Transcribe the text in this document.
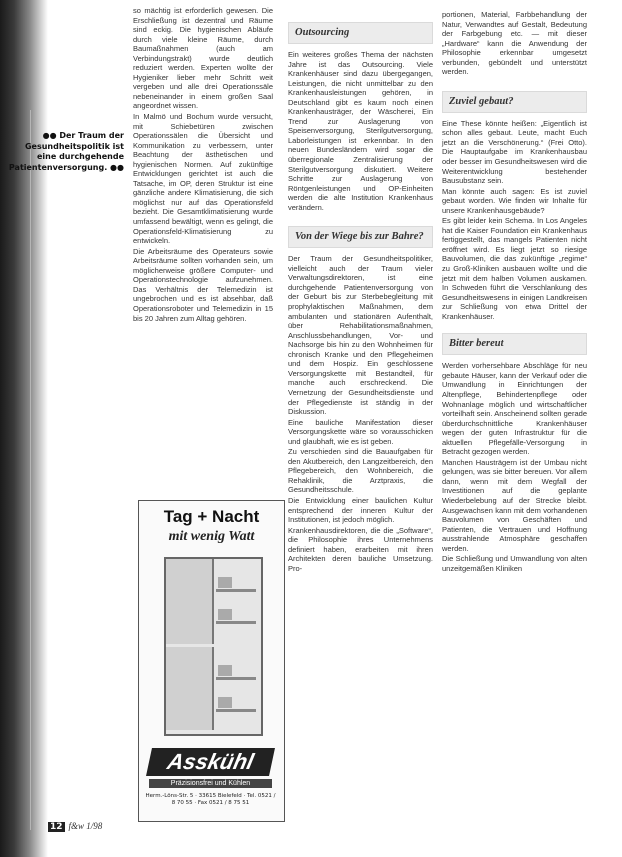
●● Der Traum der Gesundheitspolitik ist eine durchgehende Patientenversorgung. ●●

so mächtig ist erforderlich gewesen. Die Erschließung ist dezentral und Räume sind eckig. Die hygienischen Abläufe durch viele kleine Räume, durch Baumaßnahmen (auch am Verbindungstrakt) wurde deutlich reduziert werden. Experten wollte der Hygieniker lieber mehr Schritt weit vergeben und alle drei Operationssäle nebeneinander in einem großen Saal angeordnet wissen.

In Malmö und Bochum wurde versucht, mit Schiebetüren zwischen Operationssälen die Übersicht und Kommunikation zu verbessern, unter Beachtung der ästhetischen und hygienischen Normen. Auf zukünftige Entwicklungen gerichtet ist auch die Tatsache, im OP, deren Struktur ist eine gänzliche andere Klimatisierung, die sich möglichst nur auf das Operationsfeld bezieht. Die Gesamtklimatisierung wurde umfassend bewältigt, wenn es gelingt, die Operationsfeld-Klimatisierung zu entwickeln.

Die Arbeitsräume des Operateurs sowie Arbeitsräume sollten vorhanden sein, um möglicherweise größere Computer- und Operationstechnologie aufzunehmen. Das Verhältnis der Telemedizin ist ungebrochen und es ist absehbar, daß Operationsroboter und Telemedizin in 15 bis 20 Jahren zum Alltag gehören.

Tag + Nacht
mit wenig Watt
Asskühl
Präzisionsfrei und Kühlen
Herm.-Löns-Str. 5 · 33615 Bielefeld · Tel. 0521 / 8 70 55 · Fax 0521 / 8 75 51
Outsourcing

Ein weiteres großes Thema der nächsten Jahre ist das Outsourcing. Viele Krankenhäuser sind dazu übergegangen, Leistungen, die nicht unmittelbar zu den Krankenhausleistungen gehören, in Deutschland gibt es kaum noch einen Krankenhausträger, der Wäscherei, Ein Trend zur Auslagerung von Speisenversorgung, Sterilgutversorgung, Laborleistungen ist erkennbar. In den neuen Bundesländern wird sogar die überregionale Zentralisierung der Sterilgutversorgung diskutiert. Weitere Schritte zur Auslagerung von Röntgenleistungen und OP-Einheiten werden die alte Institution Krankenhaus verändern.

Von der Wiege bis zur Bahre?

Der Traum der Gesundheitspolitiker, vielleicht auch der Traum vieler Verwaltungsdirektoren, ist eine durchgehende Patientenversorgung von der Geburt bis zur Sterbebegleitung mit prophylaktischen Maßnahmen, dem ambulanten und stationären Aufenthalt, über Rehabilitationsmaßnahmen, Anschlussbehandlungen, Vor- und Nachsorge bis hin zu den Wohnheimen für chronisch Kranke und den Pflegeheimen und dem Hospiz. Ein geschlossene Versorgungskette mit Bestandteil, für manche auch erschreckend. Die Vernetzung der Gesundheitsdienste und der Pflegedienste ist ständig in der Diskussion.

Eine bauliche Manifestation dieser Versorgungskette wäre so vorausschicken und glaubhaft, wie es ist geben.

Zu verschieden sind die Bauaufgaben für den Akutbereich, den Langzeitbereich, den Pflegebereich, den Wohnbereich, die Rehaklinik, die Arztpraxis, die Gesundheitsschule.

Die Entwicklung einer baulichen Kultur entsprechend der inneren Kultur der Institutionen, ist jedoch möglich.

Krankenhausdirektoren, die die „Software“, die Philosophie ihres Unternehmens definiert haben, erarbeiten mit ihren Architekten deren bauliche Umsetzung. Pro-

portionen, Material, Farbbehandlung der Natur, Verwandtes auf Gestalt, Bedeutung der Farbgebung etc. — mit dieser „Hardware“ kann die Anwendung der Philosophie erkennbar umgesetzt verbunden, gebündelt und unterstützt werden.

Zuviel gebaut?

Eine These könnte heißen: „Eigentlich ist schon alles gebaut. Leute, macht Euch jetzt an die Verschönerung.“ (Frei Otto). Die Hauptaufgabe im Krankenhausbau oder besser im Gesundheitswesen wird die Weiterentwicklung bestehender Bausubstanz sein.

Man könnte auch sagen: Es ist zuviel gebaut worden. Wie finden wir Inhalte für unsere Krankenhausgebäude?

Es gibt leider kein Schema. In Los Angeles hat die Kaiser Foundation ein Krankenhaus fertiggestellt, das mangels Patienten nicht eröffnet wird. Es liegt jetzt so riesige Bauvolumen, die das zukünftige „regime“ zu Groß-Kliniken ausbauen wollte und die jetzt mit dem halben Volumen auskamen. In Schweden führt die Verschlankung des Gesundheitswesens in einigen Landkreisen zur Schließung von etwa Drittel der Krankenhäuser.

Bitter bereut

Werden vorhersehbare Abschläge für neu gebaute Häuser, kann der Verkauf oder die Umwandlung in Einrichtungen der Altenpflege, Behindertenpflege oder Wohnanlage möglich und wirtschaftlicher vorteilhaft sein. Anscheinend sollten gerade überdurchschnittliche Krankenhäuser wegen der guten Infrastruktur für die aktuellen Pflegefälle-Versorgung in Betracht gezogen werden.

Manchen Hausträgern ist der Umbau nicht gelungen, was sie bitter bereuen. Vor allem dann, wenn mit dem Wegfall der Investitionen auf die geplante Wiederbelebung auf der Strecke bleibt. Ausgewachsen kann mit dem vorhandenen Bauvolumen von Geschäften und Patienten, die Vertrauen und Hoffnung ausstrahlende Atmosphäre geschaffen werden.

Die Schließung und Umwandlung von alten unzeitgemäßen Kliniken

12 f&w 1/98
